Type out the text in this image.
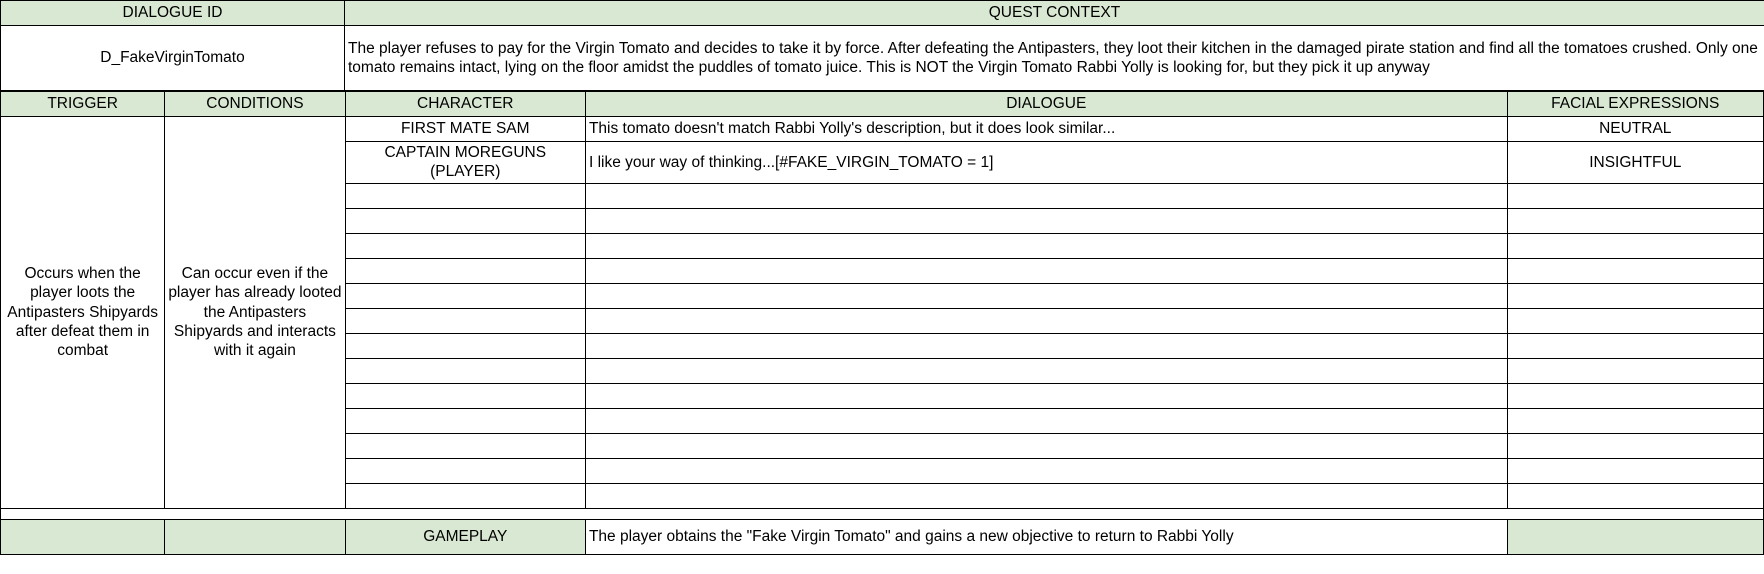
DIALOGUE ID	QUEST CONTEXT
D_FakeVirginTomato	The player refuses to pay for the Virgin Tomato and decides to take it by force. After defeating the Antipasters, they loot their kitchen in the damaged pirate station and find all the tomatoes crushed. Only one tomato remains intact, lying on the floor amidst the puddles of tomato juice. This is NOT the Virgin Tomato Rabbi Yolly is looking for, but they pick it up anyway
TRIGGER	CONDITIONS	CHARACTER	DIALOGUE	FACIAL EXPRESSIONS
Occurs when the player loots the Antipasters Shipyards after defeat them in combat	Can occur even if the player has already looted the Antipasters Shipyards and interacts with it again	FIRST MATE SAM	This tomato doesn't match Rabbi Yolly's description, but it does look similar...	NEUTRAL
		CAPTAIN MOREGUNS (PLAYER)	I like your way of thinking...[#FAKE_VIRGIN_TOMATO = 1]	INSIGHTFUL

		GAMEPLAY	The player obtains the "Fake Virgin Tomato" and gains a new objective to return to Rabbi Yolly	
